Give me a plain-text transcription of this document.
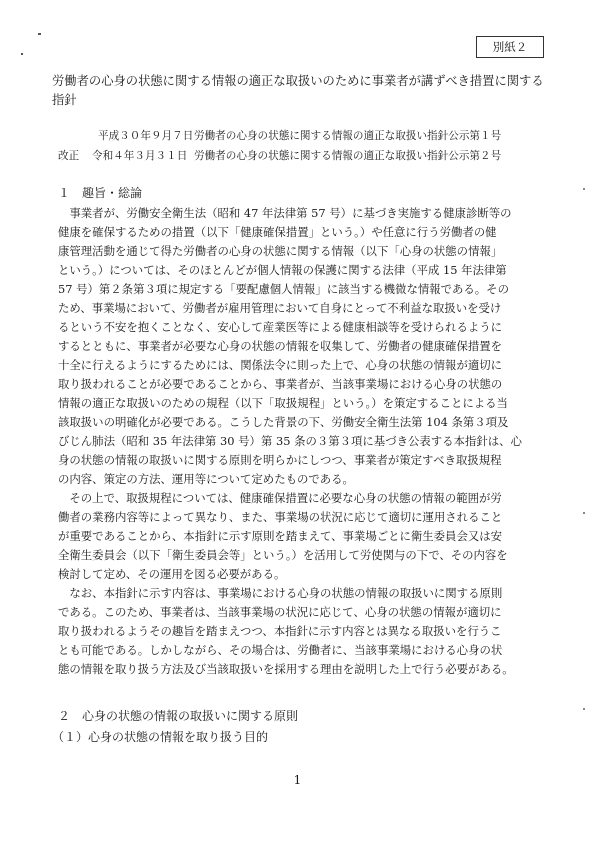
別紙２
労働者の心身の状態に関する情報の適正な取扱いのために事業者が講ずべき措置に関する
指針
平成３０年９月７日 労働者の心身の状態に関する情報の適正な取扱い指針公示第１号
改正 令和４年３月３１日 労働者の心身の状態に関する情報の適正な取扱い指針公示第２号
１　趣旨・総論
　事業者が、労働安全衛生法（昭和 47 年法律第 57 号）に基づき実施する健康診断等の
健康を確保するための措置（以下「健康確保措置」という。）や任意に行う労働者の健
康管理活動を通じて得た労働者の心身の状態に関する情報（以下「心身の状態の情報」
という。）については、そのほとんどが個人情報の保護に関する法律（平成 15 年法律第
57 号）第２条第３項に規定する「要配慮個人情報」に該当する機微な情報である。その
ため、事業場において、労働者が雇用管理において自身にとって不利益な取扱いを受け
るという不安を抱くことなく、安心して産業医等による健康相談等を受けられるように
するとともに、事業者が必要な心身の状態の情報を収集して、労働者の健康確保措置を
十全に行えるようにするためには、関係法令に則った上で、心身の状態の情報が適切に
取り扱われることが必要であることから、事業者が、当該事業場における心身の状態の
情報の適正な取扱いのための規程（以下「取扱規程」という。）を策定することによる当
該取扱いの明確化が必要である。こうした背景の下、労働安全衛生法第 104 条第３項及
びじん肺法（昭和 35 年法律第 30 号）第 35 条の３第３項に基づき公表する本指針は、心
身の状態の情報の取扱いに関する原則を明らかにしつつ、事業者が策定すべき取扱規程
の内容、策定の方法、運用等について定めたものである。
　その上で、取扱規程については、健康確保措置に必要な心身の状態の情報の範囲が労
働者の業務内容等によって異なり、また、事業場の状況に応じて適切に運用されること
が重要であることから、本指針に示す原則を踏まえて、事業場ごとに衛生委員会又は安
全衛生委員会（以下「衛生委員会等」という。）を活用して労使関与の下で、その内容を
検討して定め、その運用を図る必要がある。
　なお、本指針に示す内容は、事業場における心身の状態の情報の取扱いに関する原則
である。このため、事業者は、当該事業場の状況に応じて、心身の状態の情報が適切に
取り扱われるようその趣旨を踏まえつつ、本指針に示す内容とは異なる取扱いを行うこ
とも可能である。しかしながら、その場合は、労働者に、当該事業場における心身の状
態の情報を取り扱う方法及び当該取扱いを採用する理由を説明した上で行う必要がある。
２　心身の状態の情報の取扱いに関する原則
（１）心身の状態の情報を取り扱う目的
1
